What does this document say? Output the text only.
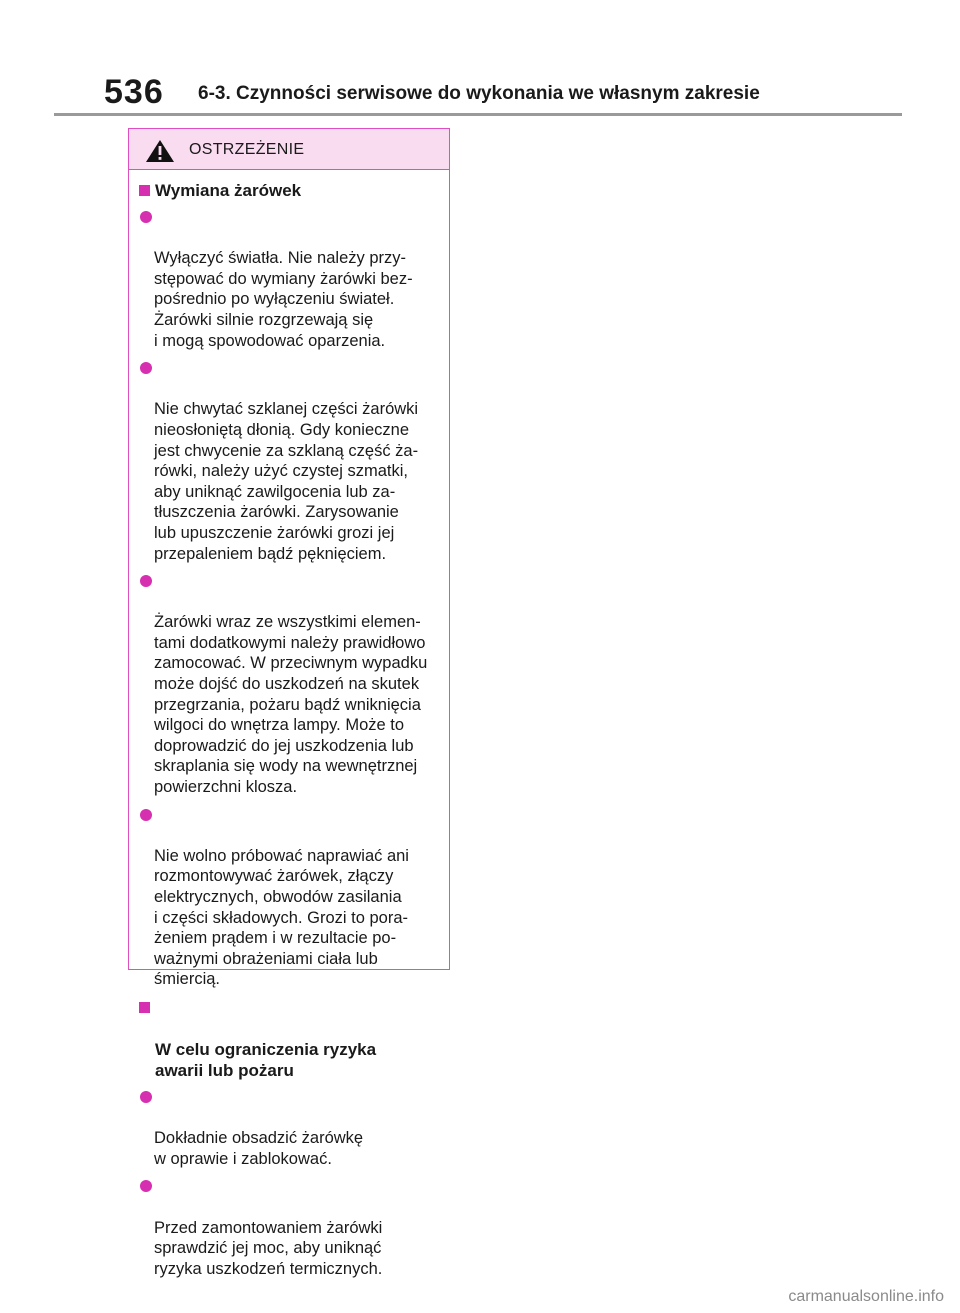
536 6-3. Czynności serwisowe do wykonania we własnym zakresie
OSTRZEŻENIE
Wymiana żarówek

Wyłączyć światła. Nie należy przy-
stępować do wymiany żarówki bez-
pośrednio po wyłączeniu świateł.
Żarówki silnie rozgrzewają się
i mogą spowodować oparzenia.

Nie chwytać szklanej części żarówki
nieosłoniętą dłonią. Gdy konieczne
jest chwycenie za szklaną część ża-
rówki, należy użyć czystej szmatki,
aby uniknąć zawilgocenia lub za-
tłuszczenia żarówki. Zarysowanie
lub upuszczenie żarówki grozi jej
przepaleniem bądź pęknięciem.

Żarówki wraz ze wszystkimi elemen-
tami dodatkowymi należy prawidłowo
zamocować. W przeciwnym wypadku
może dojść do uszkodzeń na skutek
przegrzania, pożaru bądź wniknięcia
wilgoci do wnętrza lampy. Może to
doprowadzić do jej uszkodzenia lub
skraplania się wody na wewnętrznej
powierzchni klosza.

Nie wolno próbować naprawiać ani
rozmontowywać żarówek, złączy
elektrycznych, obwodów zasilania
i części składowych. Grozi to pora-
żeniem prądem i w rezultacie po-
ważnymi obrażeniami ciała lub
śmiercią.

W celu ograniczenia ryzyka
awarii lub pożaru

Dokładnie obsadzić żarówkę
w oprawie i zablokować.

Przed zamontowaniem żarówki
sprawdzić jej moc, aby uniknąć
ryzyka uszkodzeń termicznych.

carmanualsonline.info
